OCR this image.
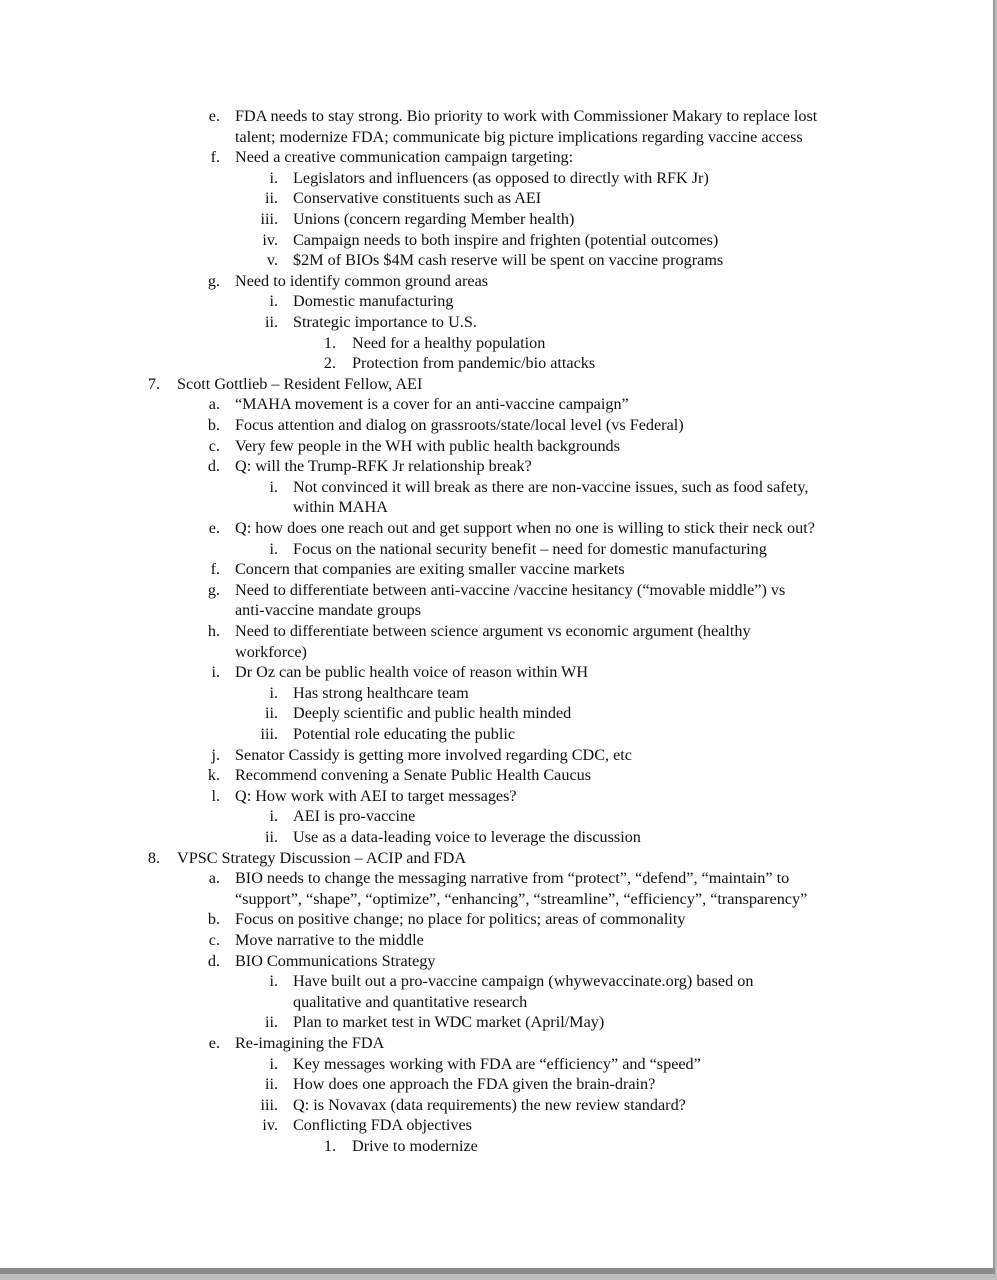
e. FDA needs to stay strong. Bio priority to work with Commissioner Makary to replace lost
talent; modernize FDA; communicate big picture implications regarding vaccine access
f. Need a creative communication campaign targeting:
i. Legislators and influencers (as opposed to directly with RFK Jr)
ii. Conservative constituents such as AEI
iii. Unions (concern regarding Member health)
iv. Campaign needs to both inspire and frighten (potential outcomes)
v. $2M of BIOs $4M cash reserve will be spent on vaccine programs
g. Need to identify common ground areas
i. Domestic manufacturing
ii. Strategic importance to U.S.
1. Need for a healthy population
2. Protection from pandemic/bio attacks
7. Scott Gottlieb – Resident Fellow, AEI
a. “MAHA movement is a cover for an anti-vaccine campaign”
b. Focus attention and dialog on grassroots/state/local level (vs Federal)
c. Very few people in the WH with public health backgrounds
d. Q: will the Trump-RFK Jr relationship break?
i. Not convinced it will break as there are non-vaccine issues, such as food safety,
within MAHA
e. Q: how does one reach out and get support when no one is willing to stick their neck out?
i. Focus on the national security benefit – need for domestic manufacturing
f. Concern that companies are exiting smaller vaccine markets
g. Need to differentiate between anti-vaccine /vaccine hesitancy (“movable middle”) vs
anti-vaccine mandate groups
h. Need to differentiate between science argument vs economic argument (healthy
workforce)
i. Dr Oz can be public health voice of reason within WH
i. Has strong healthcare team
ii. Deeply scientific and public health minded
iii. Potential role educating the public
j. Senator Cassidy is getting more involved regarding CDC, etc
k. Recommend convening a Senate Public Health Caucus
l. Q: How work with AEI to target messages?
i. AEI is pro-vaccine
ii. Use as a data-leading voice to leverage the discussion
8. VPSC Strategy Discussion – ACIP and FDA
a. BIO needs to change the messaging narrative from “protect”, “defend”, “maintain” to
“support”, “shape”, “optimize”, “enhancing”, “streamline”, “efficiency”, “transparency”
b. Focus on positive change; no place for politics; areas of commonality
c. Move narrative to the middle
d. BIO Communications Strategy
i. Have built out a pro-vaccine campaign (whywevaccinate.org) based on
qualitative and quantitative research
ii. Plan to market test in WDC market (April/May)
e. Re-imagining the FDA
i. Key messages working with FDA are “efficiency” and “speed”
ii. How does one approach the FDA given the brain-drain?
iii. Q: is Novavax (data requirements) the new review standard?
iv. Conflicting FDA objectives
1. Drive to modernize
